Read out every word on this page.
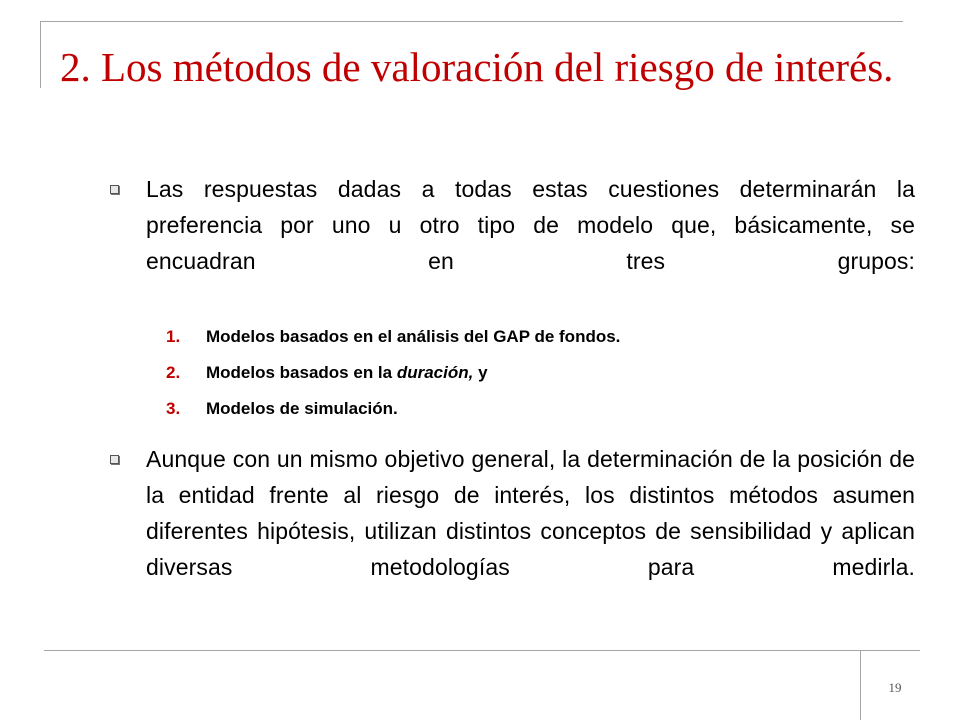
2. Los métodos de valoración del riesgo de interés.
Las respuestas dadas a todas estas cuestiones determinarán la preferencia por uno u otro tipo de modelo que, básicamente, se encuadran en tres grupos:
1. Modelos basados en el análisis del GAP de fondos.
2. Modelos basados en la duración, y
3. Modelos de simulación.
Aunque con un mismo objetivo general, la determinación de la posición de la entidad frente al riesgo de interés, los distintos métodos asumen diferentes hipótesis, utilizan distintos conceptos de sensibilidad y aplican diversas metodologías para medirla.
19
